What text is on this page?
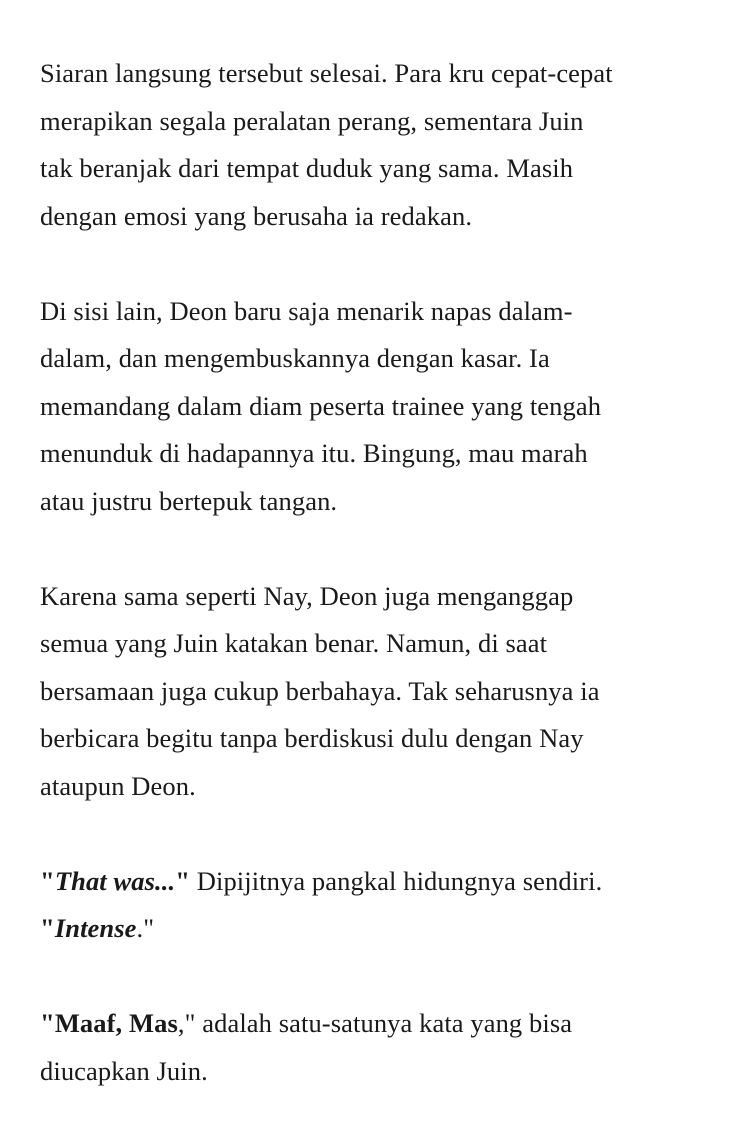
Siaran langsung tersebut selesai. Para kru cepat-cepat
merapikan segala peralatan perang, sementara Juin
tak beranjak dari tempat duduk yang sama. Masih
dengan emosi yang berusaha ia redakan.

Di sisi lain, Deon baru saja menarik napas dalam-
dalam, dan mengembuskannya dengan kasar. Ia
memandang dalam diam peserta trainee yang tengah
menunduk di hadapannya itu. Bingung, mau marah
atau justru bertepuk tangan.

Karena sama seperti Nay, Deon juga menganggap
semua yang Juin katakan benar. Namun, di saat
bersamaan juga cukup berbahaya. Tak seharusnya ia
berbicara begitu tanpa berdiskusi dulu dengan Nay
ataupun Deon.

"That was..." Dipijitnya pangkal hidungnya sendiri.
"Intense."

"Maaf, Mas," adalah satu-satunya kata yang bisa
diucapkan Juin.
